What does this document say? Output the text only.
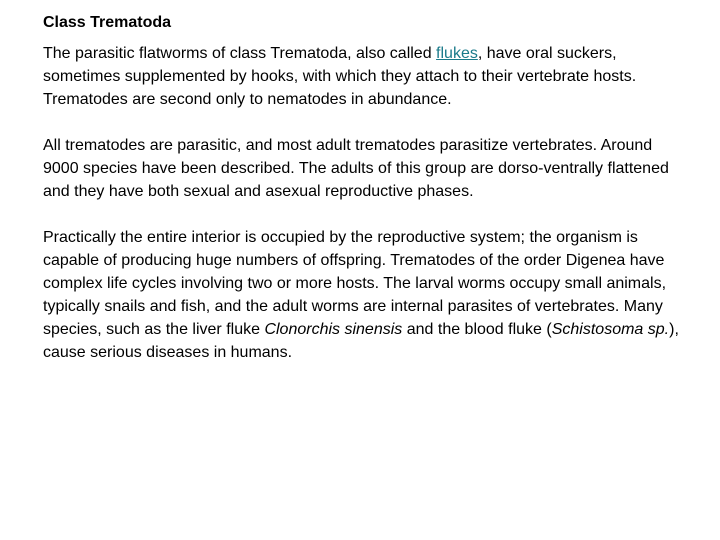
Class Trematoda

The parasitic flatworms of class Trematoda, also called flukes, have oral suckers, sometimes supplemented by hooks, with which they attach to their vertebrate hosts. Trematodes are second only to nematodes in abundance.

All trematodes are parasitic, and most adult trematodes parasitize vertebrates. Around 9000 species have been described. The adults of this group are dorso-ventrally flattened and they have both sexual and asexual reproductive phases.

Practically the entire interior is occupied by the reproductive system; the organism is capable of producing huge numbers of offspring. Trematodes of the order Digenea have complex life cycles involving two or more hosts. The larval worms occupy small animals, typically snails and fish, and the adult worms are internal parasites of vertebrates. Many species, such as the liver fluke Clonorchis sinensis and the blood fluke (Schistosoma sp.), cause serious diseases in humans.
